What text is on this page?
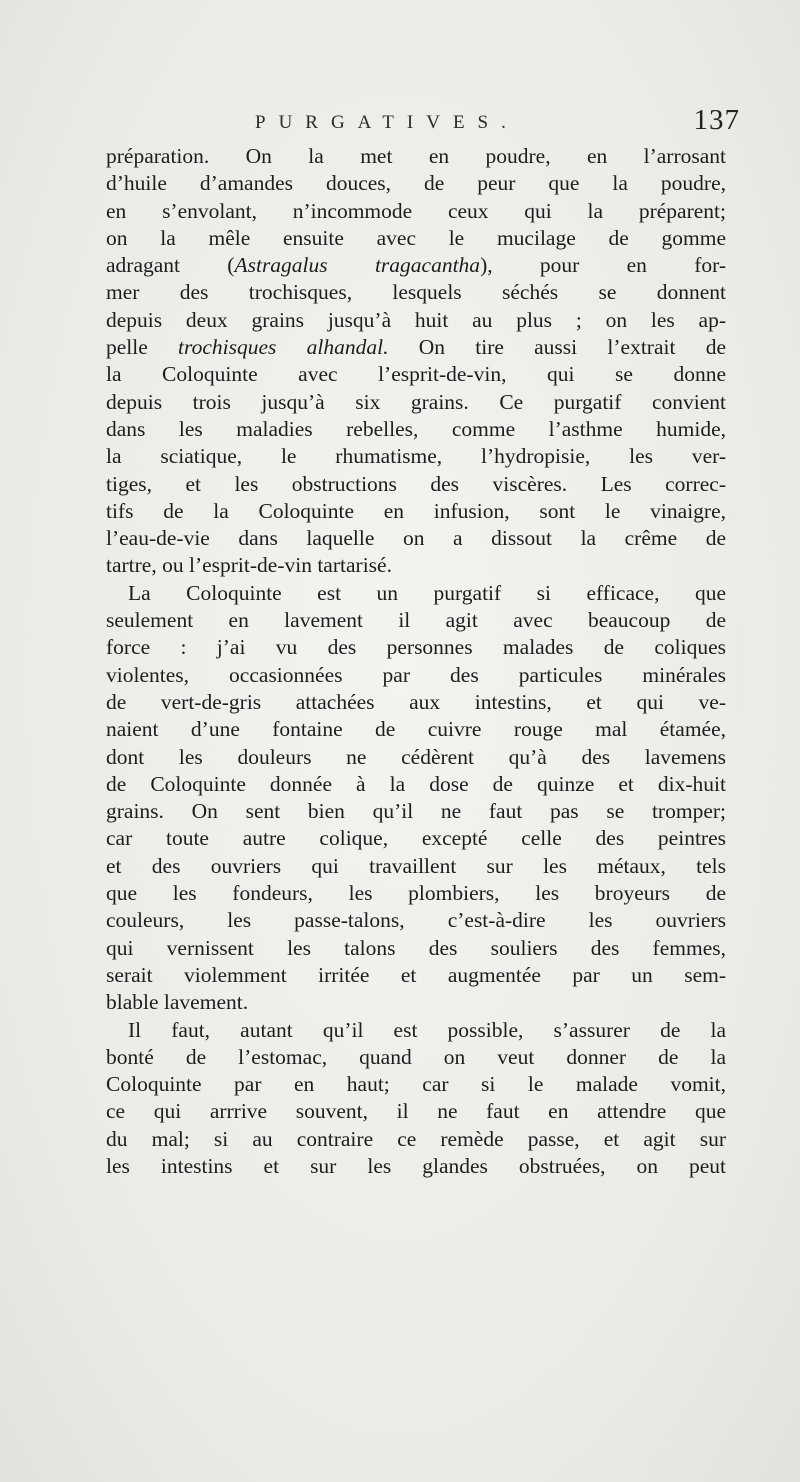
PURGATIVES.	137
préparation. On la met en poudre, en l’arrosant
d’huile d’amandes douces, de peur que la poudre,
en s’envolant, n’incommode ceux qui la préparent;
on la mêle ensuite avec le mucilage de gomme
adragant (Astragalus tragacantha), pour en for-
mer des trochisques, lesquels séchés se donnent
depuis deux grains jusqu’à huit au plus ; on les ap-
pelle trochisques alhandal. On tire aussi l’extrait de
la Coloquinte avec l’esprit-de-vin, qui se donne
depuis trois jusqu’à six grains. Ce purgatif convient
dans les maladies rebelles, comme l’asthme humide,
la sciatique, le rhumatisme, l’hydropisie, les ver-
tiges, et les obstructions des viscères. Les correc-
tifs de la Coloquinte en infusion, sont le vinaigre,
l’eau-de-vie dans laquelle on a dissout la crême de
tartre, ou l’esprit-de-vin tartarisé.
La Coloquinte est un purgatif si efficace, que
seulement en lavement il agit avec beaucoup de
force : j’ai vu des personnes malades de coliques
violentes, occasionnées par des particules minérales
de vert-de-gris attachées aux intestins, et qui ve-
naient d’une fontaine de cuivre rouge mal étamée,
dont les douleurs ne cédèrent qu’à des lavemens
de Coloquinte donnée à la dose de quinze et dix-huit
grains. On sent bien qu’il ne faut pas se tromper;
car toute autre colique, excepté celle des peintres
et des ouvriers qui travaillent sur les métaux, tels
que les fondeurs, les plombiers, les broyeurs de
couleurs, les passe-talons, c’est-à-dire les ouvriers
qui vernissent les talons des souliers des femmes,
serait violemment irritée et augmentée par un sem-
blable lavement.
Il faut, autant qu’il est possible, s’assurer de la
bonté de l’estomac, quand on veut donner de la
Coloquinte par en haut; car si le malade vomit,
ce qui arrrive souvent, il ne faut en attendre que
du mal; si au contraire ce remède passe, et agit sur
les intestins et sur les glandes obstruées, on peut
